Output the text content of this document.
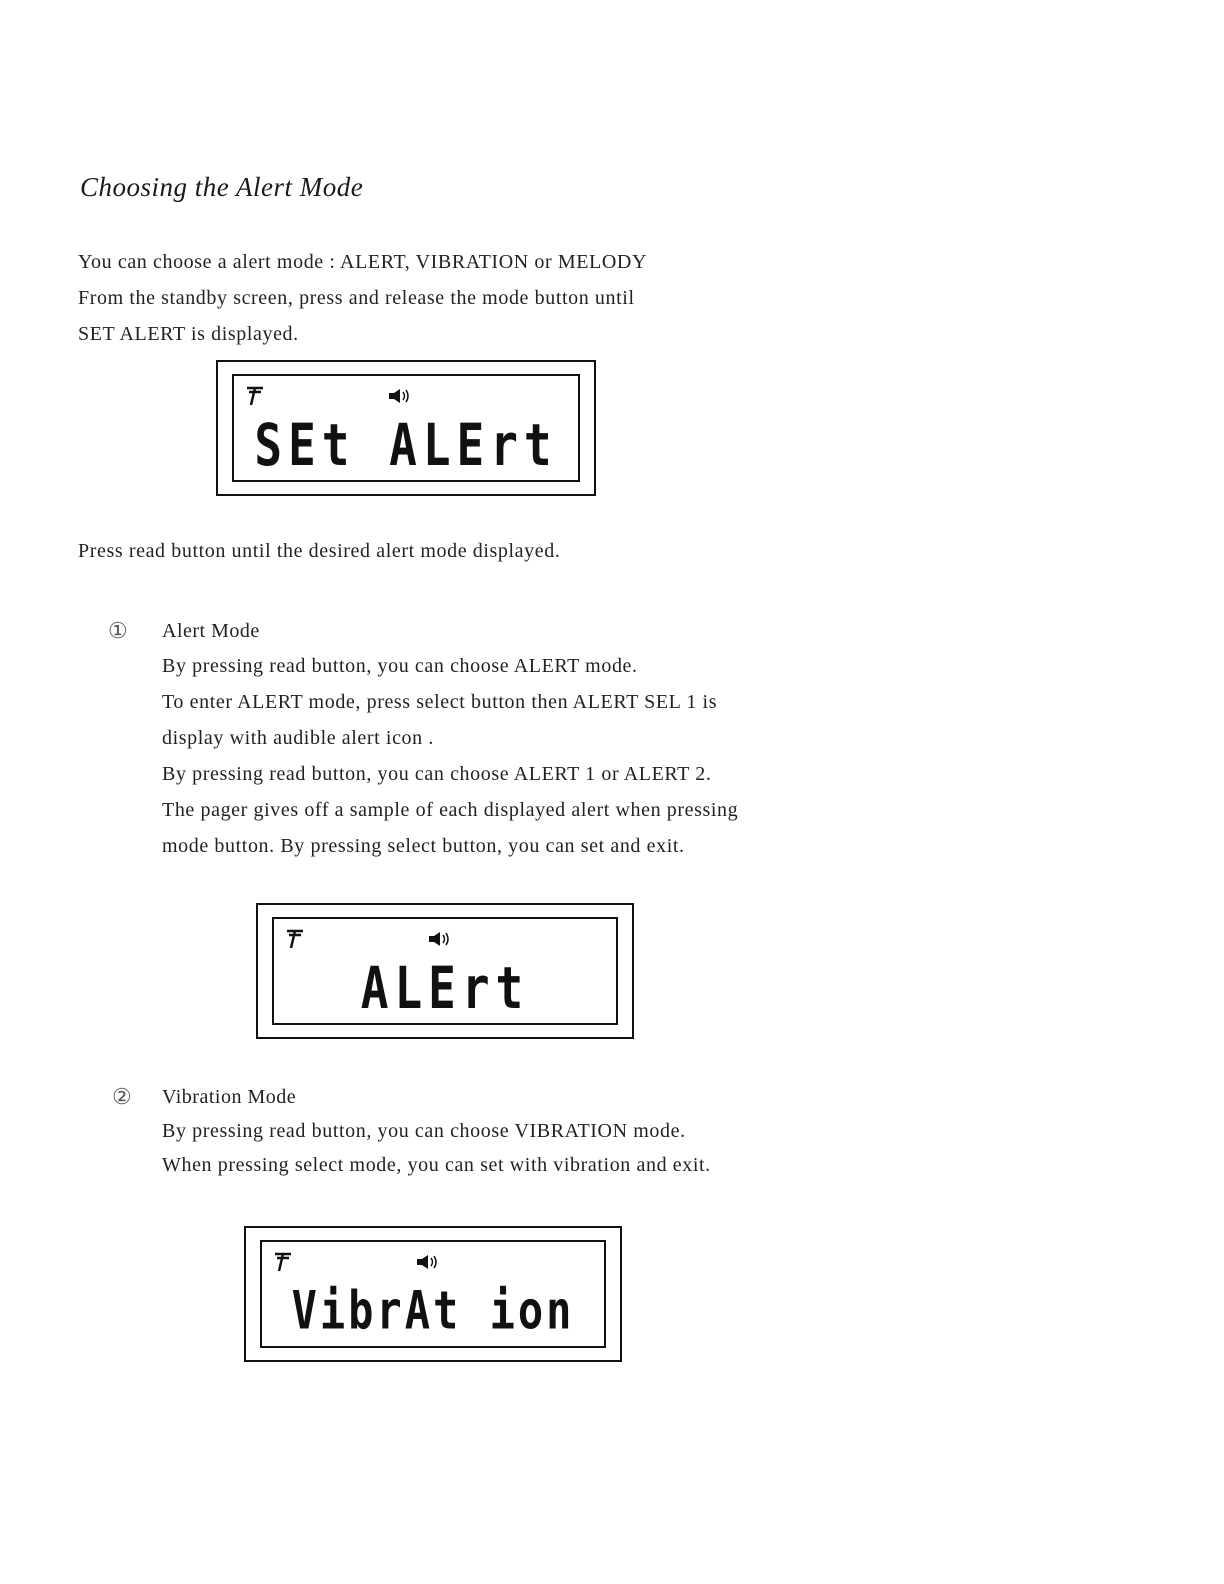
Choosing the Alert Mode
You can choose a alert mode : ALERT, VIBRATION or MELODY
From the standby screen, press and release the mode button until
SET ALERT is displayed.
SEt ALErt
Press read button until the desired alert mode displayed.
① Alert Mode
By pressing read button, you can choose ALERT mode.
To enter ALERT mode, press select button then ALERT SEL 1 is
display with audible alert icon .
By pressing read button, you can choose ALERT 1 or ALERT 2.
The pager gives off a sample of each displayed alert when pressing
mode button. By pressing select button, you can set and exit.
ALErt
② Vibration Mode
By pressing read button, you can choose VIBRATION mode.
When pressing select mode, you can set with vibration and exit.
VibrAt ion
